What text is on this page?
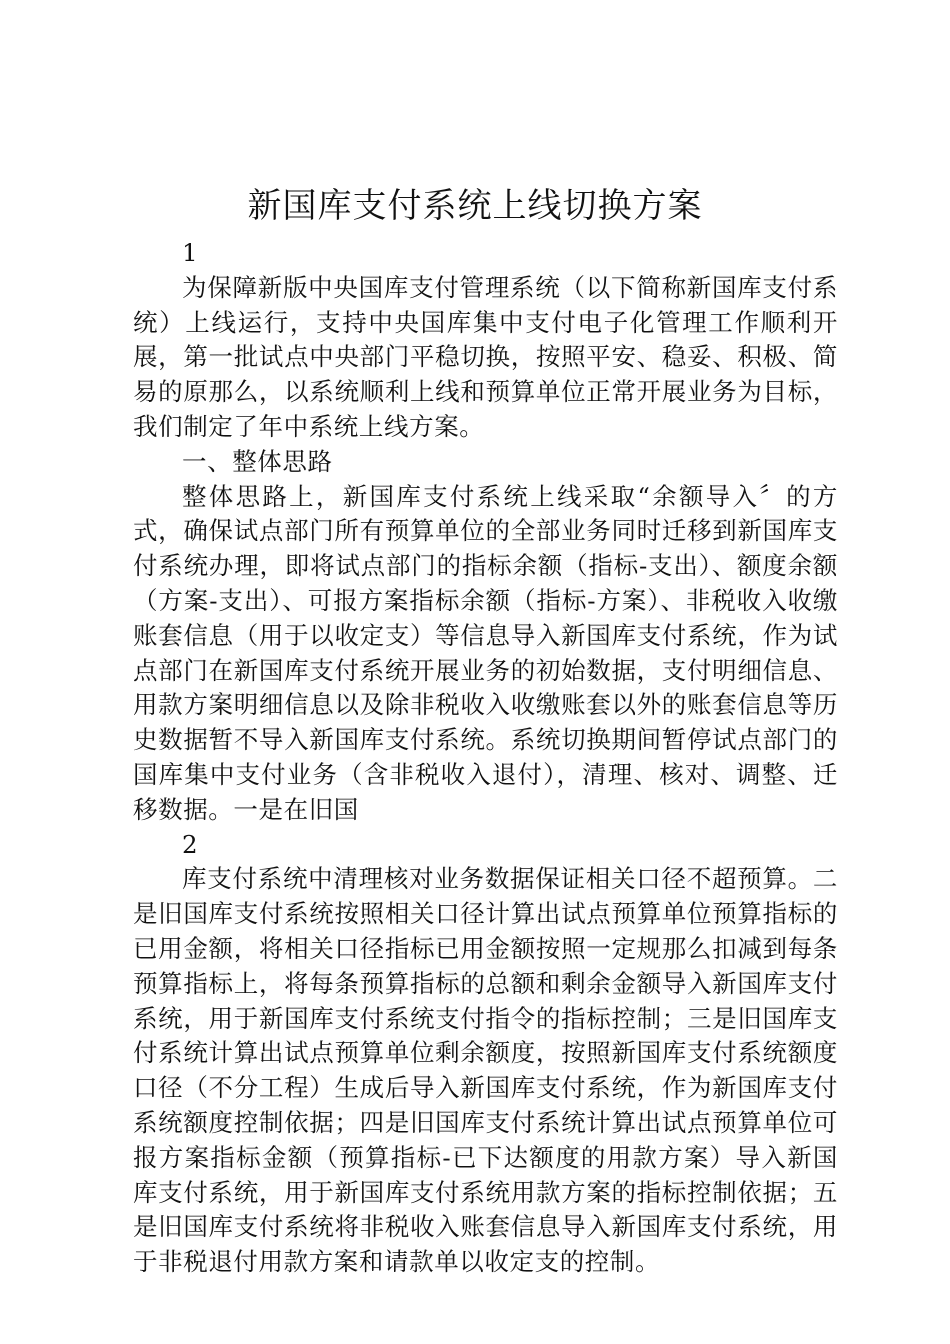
新国库支付系统上线切换方案

1

为保障新版中央国库支付管理系统（以下简称新国库支付系统）上线运行，支持中央国库集中支付电子化管理工作顺利开展，第一批试点中央部门平稳切换，按照平安、稳妥、积极、简易的原那么，以系统顺利上线和预算单位正常开展业务为目标，我们制定了年中系统上线方案。

一、整体思路

整体思路上，新国库支付系统上线采取“余额导入〞的方式，确保试点部门所有预算单位的全部业务同时迁移到新国库支付系统办理，即将试点部门的指标余额（指标-支出）、额度余额（方案-支出）、可报方案指标余额（指标-方案）、非税收入收缴账套信息（用于以收定支）等信息导入新国库支付系统，作为试点部门在新国库支付系统开展业务的初始数据，支付明细信息、用款方案明细信息以及除非税收入收缴账套以外的账套信息等历史数据暂不导入新国库支付系统。系统切换期间暂停试点部门的国库集中支付业务（含非税收入退付），清理、核对、调整、迁移数据。一是在旧国

2

库支付系统中清理核对业务数据保证相关口径不超预算。二是旧国库支付系统按照相关口径计算出试点预算单位预算指标的已用金额，将相关口径指标已用金额按照一定规那么扣减到每条预算指标上，将每条预算指标的总额和剩余金额导入新国库支付系统，用于新国库支付系统支付指令的指标控制；三是旧国库支付系统计算出试点预算单位剩余额度，按照新国库支付系统额度口径（不分工程）生成后导入新国库支付系统，作为新国库支付系统额度控制依据；四是旧国库支付系统计算出试点预算单位可报方案指标金额（预算指标-已下达额度的用款方案）导入新国库支付系统，用于新国库支付系统用款方案的指标控制依据；五是旧国库支付系统将非税收入账套信息导入新国库支付系统，用于非税退付用款方案和请款单以收定支的控制。
